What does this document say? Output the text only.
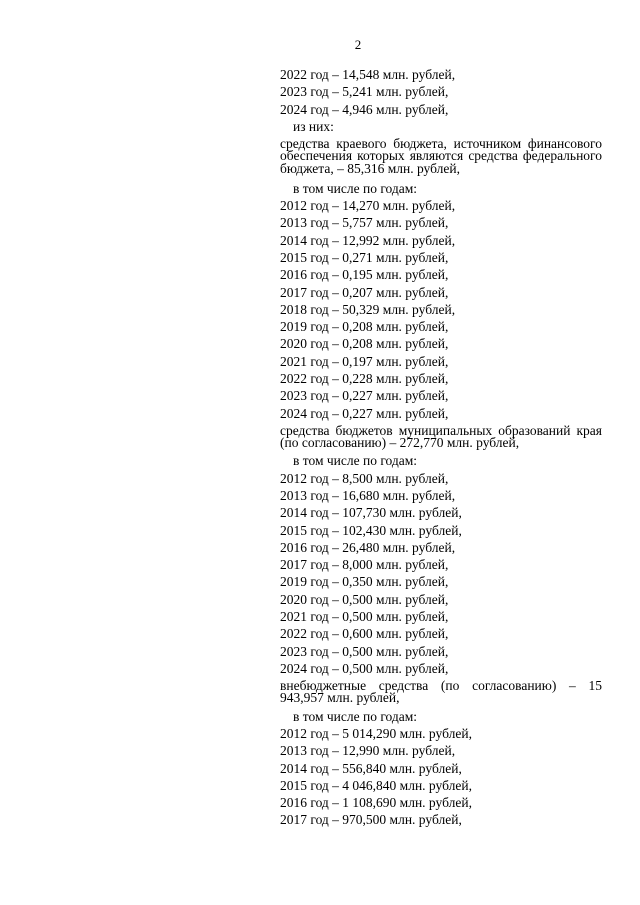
2
2022 год – 14,548 млн. рублей,
2023 год – 5,241 млн. рублей,
2024 год – 4,946 млн. рублей,
из них:
средства краевого бюджета, источником финансового обеспечения которых являются средства федерального бюджета, – 85,316 млн. рублей,
в том числе по годам:
2012 год – 14,270 млн. рублей,
2013 год – 5,757 млн. рублей,
2014 год – 12,992 млн. рублей,
2015 год – 0,271 млн. рублей,
2016 год – 0,195 млн. рублей,
2017 год – 0,207 млн. рублей,
2018 год – 50,329 млн. рублей,
2019 год – 0,208 млн. рублей,
2020 год – 0,208 млн. рублей,
2021 год – 0,197 млн. рублей,
2022 год – 0,228 млн. рублей,
2023 год – 0,227 млн. рублей,
2024 год – 0,227 млн. рублей,
средства бюджетов муниципальных образований края (по согласованию) – 272,770 млн. рублей,
в том числе по годам:
2012 год – 8,500 млн. рублей,
2013 год – 16,680 млн. рублей,
2014 год – 107,730 млн. рублей,
2015 год – 102,430 млн. рублей,
2016 год – 26,480 млн. рублей,
2017 год – 8,000 млн. рублей,
2019 год – 0,350 млн. рублей,
2020 год – 0,500 млн. рублей,
2021 год – 0,500 млн. рублей,
2022 год – 0,600 млн. рублей,
2023 год – 0,500 млн. рублей,
2024 год – 0,500 млн. рублей,
внебюджетные средства (по согласованию) – 15 943,957 млн. рублей,
в том числе по годам:
2012 год – 5 014,290 млн. рублей,
2013 год – 12,990 млн. рублей,
2014 год – 556,840 млн. рублей,
2015 год – 4 046,840 млн. рублей,
2016 год – 1 108,690 млн. рублей,
2017 год – 970,500 млн. рублей,
